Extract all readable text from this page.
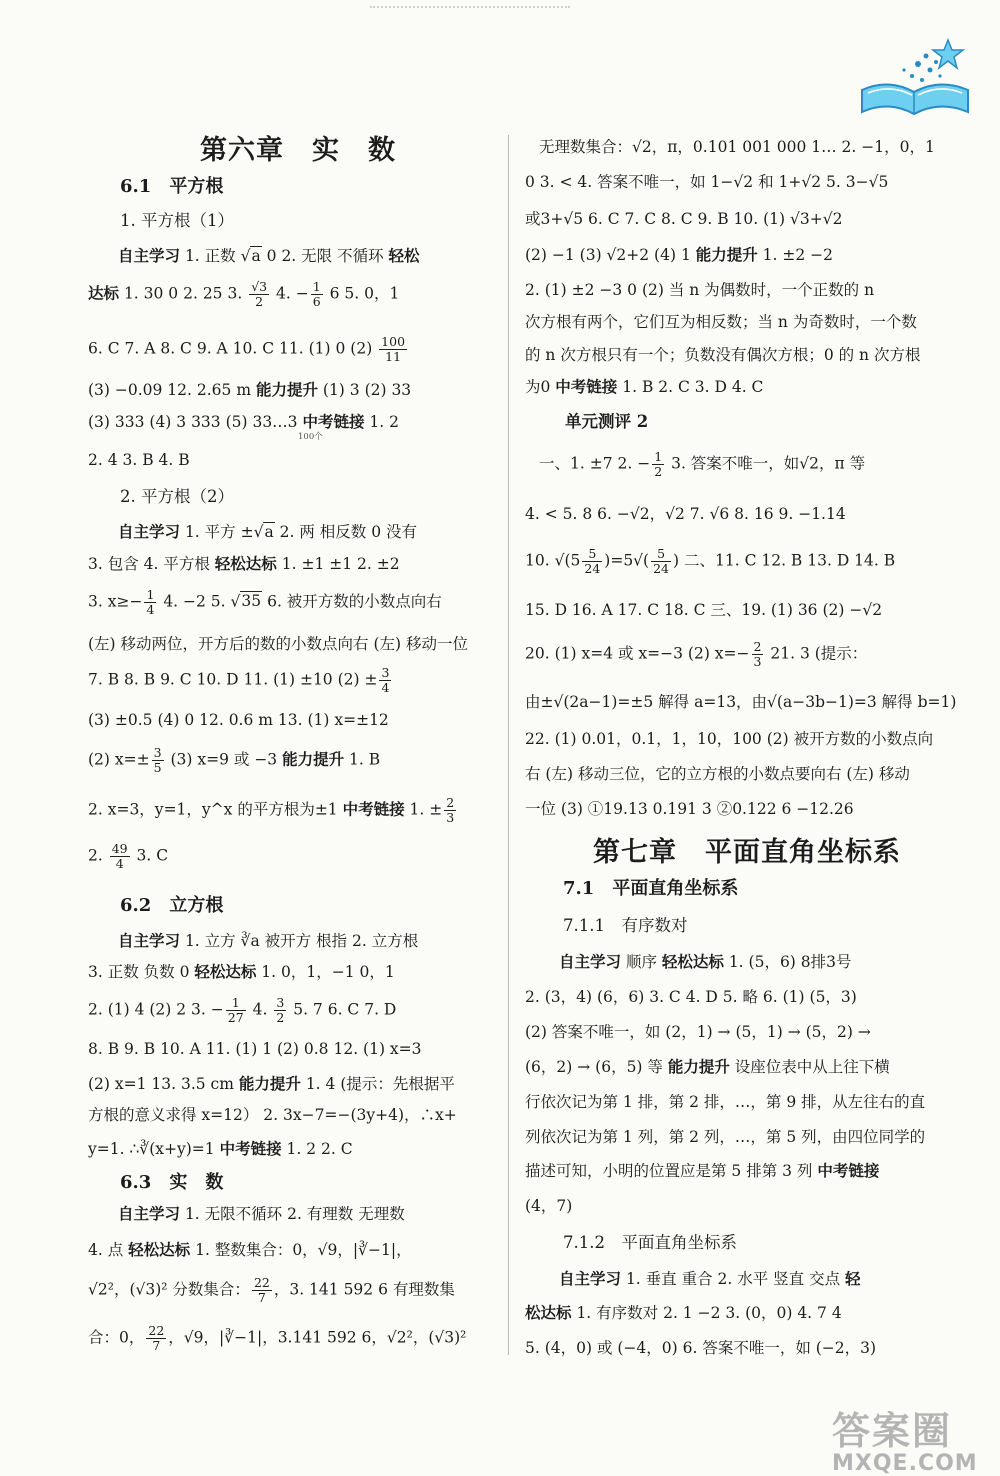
第六章　实　数
6.1　平方根
1. 平方根（1）
自主学习 1. 正数 √a 0 2. 无限 不循环 轻松
达标 1. 30 0 2. 25 3. $\frac{√3}{2} 4$. − $\frac{1}{6} 6$ 5. 0，1
6. C 7. A 8. C 9. A 10. C 11. (1) 0 $(2) \frac{100}{11}$
(3) −0.09 12. 2.65 m 能力提升 (1) 3 (2) 33
(3) 333 (4) 3 333 (5) 33…3 中考链接 1. 2
100个
2. 4 3. B 4. B
2. 平方根（2）
自主学习 1. 平方 ±√a 2. 两 相反数 0 没有
3. 包含 4. 平方根 轻松达标 1. ±1 ±1 2. ±2
3. $x\ge- \frac{1}{4} 4$. −2 5. √35 6. 被开方数的小数点向右
(左) 移动两位，开方后的数的小数点向右 (左) 移动一位
7. B 8. B 9. C 10. D 11. (1) ±10 $(2) \pm \frac{3}{4}$
(3) ±0.5 (4) 0 12. 0.6 m 13. (1) x=±12
(2) $x=\pm \frac{3}{5} (3)$ x=9 或 −3 能力提升 1. B
2. x=3，y=1，y^x 的平方根为±1 中考链接 1. ± $\frac{2}{3}$
2. $\frac{49}{4} 3$. C
6.2　立方根
自主学习 1. 立方 ∛a 被开方 根指 2. 立方根
3. 正数 负数 0 轻松达标 1. 0，1，−1 0，1
2. (1) 4 (2) 2 3. − $\frac{1}{27} 4$. $\frac{3}{2} 5$. 7 6. C 7. D
8. B 9. B 10. A 11. (1) 1 (2) 0.8 12. (1) x=3
(2) x=1 13. 3.5 cm 能力提升 1. 4 (提示：先根据平
方根的意义求得 x=12） 2. 3x−7=−(3y+4)，∴x+
y=1. ∴∛(x+y)=1 中考链接 1. 2 2. C
6.3　实　数
自主学习 1. 无限不循环 2. 有理数 无理数
4. 点 轻松达标 1. 整数集合：0，√9，|∛−1|，
√2²，(√3)² 分数集合： $\frac{22}{7}$ ，3. 141 592 6 有理数集
合：0， $\frac{22}{7}$ ，√9，|∛−1|，3.141 592 6，√2²，(√3)²
无理数集合：√2，π，0.101 001 000 1… 2. −1，0，1
0 3. < 4. 答案不唯一，如 1−√2 和 1+√2 5. 3−√5
或3+√5 6. C 7. C 8. C 9. B 10. (1) √3+√2
(2) −1 (3) √2+2 (4) 1 能力提升 1. ±2 −2
2. (1) ±2 −3 0 (2) 当 n 为偶数时，一个正数的 n
次方根有两个，它们互为相反数；当 n 为奇数时，一个数
的 n 次方根只有一个；负数没有偶次方根；0 的 n 次方根
为0 中考链接 1. B 2. C 3. D 4. C
单元测评 2
一、1. ±7 2. − $\frac{1}{2} 3$. 答案不唯一，如√2，π 等
4. < 5. 8 6. −√2，√2 7. √6 8. 16 9. −1.14
10. $√(5 \frac{5}{24} )=5√( \frac{5}{24}$ ) 二、11. C 12. B 13. D 14. B
15. D 16. A 17. C 18. C 三、19. (1) 36 (2) −√2
20. (1) x=4 或 x=−3 (2) $x=- \frac{2}{3} 21$. 3 (提示：
由±√(2a−1)=±5 解得 a=13，由√(a−3b−1)=3 解得 b=1)
22. (1) 0.01，0.1，1，10，100 (2) 被开方数的小数点向
右 (左) 移动三位，它的立方根的小数点要向右 (左) 移动
一位 (3) ①19.13 0.191 3 ②0.122 6 −12.26
第七章　平面直角坐标系
7.1　平面直角坐标系
7.1.1　有序数对
自主学习 顺序 轻松达标 1. (5，6) 8排3号
2. (3，4) (6，6) 3. C 4. D 5. 略 6. (1) (5，3)
(2) 答案不唯一，如 (2，1) → (5，1) → (5，2) →
(6，2) → (6，5) 等 能力提升 设座位表中从上往下横
行依次记为第 1 排，第 2 排，…，第 9 排，从左往右的直
列依次记为第 1 列，第 2 列，…，第 5 列，由四位同学的
描述可知，小明的位置应是第 5 排第 3 列 中考链接
(4，7)
7.1.2　平面直角坐标系
自主学习 1. 垂直 重合 2. 水平 竖直 交点 轻
松达标 1. 有序数对 2. 1 −2 3. (0，0) 4. 7 4
5. (4，0) 或 (−4，0) 6. 答案不唯一，如 (−2，3)
答案圈
MXQE.COM
